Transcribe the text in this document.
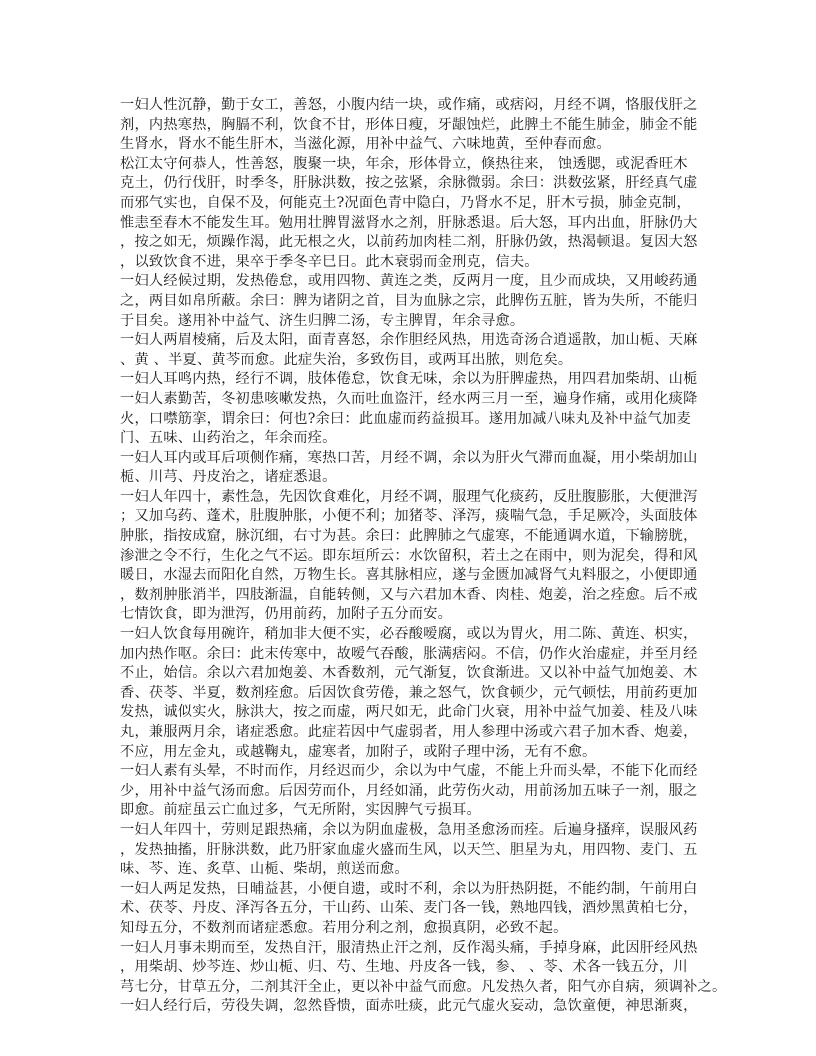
一妇人性沉静，勤于女工，善怒，小腹内结一块，或作痛，或痞闷，月经不调，恪服伐肝之
剂，内热寒热，胸膈不利，饮食不甘，形体日瘦，牙龈蚀烂，此脾土不能生肺金，肺金不能
生肾水，肾水不能生肝木，当滋化源，用补中益气、六味地黄，至仲春而愈。
松江太守何恭人，性善怒，腹聚一块，年余，形体骨立，倏热往来， 蚀透腮，或泥香旺木
克土，仍行伐肝，时季冬，肝脉洪数，按之弦紧，余脉微弱。余曰：洪数弦紧，肝经真气虚
而邪气实也，自保不及，何能克土?况面色青中隐白，乃肾水不足，肝木亏损，肺金克制，
惟恚至春木不能发生耳。勉用壮脾胃滋肾水之剂，肝脉悉退。后大怒，耳内出血，肝脉仍大
，按之如无，烦躁作渴，此无根之火，以前药加肉桂二剂，肝脉仍敛，热渴顿退。复因大怒
，以致饮食不进，果卒于季冬辛巳日。此木衰弱而金刑克，信夫。
一妇人经候过期，发热倦怠，或用四物、黄连之类，反两月一度，且少而成块，又用峻药通
之，两目如帛所蔽。余曰：脾为诸阴之首，目为血脉之宗，此脾伤五脏，皆为失所，不能归
于目矣。遂用补中益气、济生归脾二汤，专主脾胃，年余寻愈。
一妇人两眉棱痛，后及太阳，面青喜怒，余作胆经风热，用选奇汤合逍遥散，加山栀、天麻
、黄 、半夏、黄芩而愈。此症失治，多致伤目，或两耳出脓，则危矣。
一妇人耳鸣内热，经行不调，肢体倦怠，饮食无味，余以为肝脾虚热，用四君加柴胡、山栀
一妇人素勤苦，冬初患咳嗽发热，久而吐血盗汗，经水两三月一至，遍身作痛，或用化痰降
火，口噤筋挛，谓余曰：何也?余曰：此血虚而药益损耳。遂用加减八味丸及补中益气加麦
门、五味、山药治之，年余而痊。
一妇人耳内或耳后项侧作痛，寒热口苦，月经不调，余以为肝火气滞而血凝，用小柴胡加山
栀、川芎、丹皮治之，诸症悉退。
一妇人年四十，素性急，先因饮食难化，月经不调，服理气化痰药，反肚腹膨胀，大便泄泻
；又加乌药、蓬术，肚腹肿胀，小便不利；加猪苓、泽泻，痰喘气急，手足厥冷，头面肢体
肿胀，指按成窟，脉沉细，右寸为甚。余曰：此脾肺之气虚寒，不能通调水道，下输膀胱，
渗泄之令不行，生化之气不运。即东垣所云：水饮留积，若土之在雨中，则为泥矣，得和风
暖日，水湿去而阳化自然，万物生长。喜其脉相应，遂与金匮加减肾气丸料服之，小便即通
，数剂肿胀消半，四肢渐温，自能转侧，又与六君加木香、肉桂、炮姜，治之痊愈。后不戒
七情饮食，即为泄泻，仍用前药，加附子五分而安。
一妇人饮食每用碗许，稍加非大便不实，必吞酸嗳腐，或以为胃火，用二陈、黄连、枳实，
加内热作呕。余曰：此末传寒中，故嗳气吞酸，胀满痞闷。不信，仍作火治虚症，并至月经
不止，始信。余以六君加炮姜、木香数剂，元气渐复，饮食渐进。又以补中益气加炮姜、木
香、茯苓、半夏，数剂痊愈。后因饮食劳倦，兼之怒气，饮食顿少，元气顿怯，用前药更加
发热，诚似实火，脉洪大，按之而虚，两尺如无，此命门火衰，用补中益气加姜、桂及八味
丸，兼服两月余，诸症悉愈。此症若因中气虚弱者，用人参理中汤或六君子加木香、炮姜，
不应，用左金丸，或越鞠丸，虚寒者，加附子，或附子理中汤，无有不愈。
一妇人素有头晕，不时而作，月经迟而少，余以为中气虚，不能上升而头晕，不能下化而经
少，用补中益气汤而愈。后因劳而仆，月经如涌，此劳伤火动，用前汤加五味子一剂，服之
即愈。前症虽云亡血过多，气无所附，实因脾气亏损耳。
一妇人年四十，劳则足跟热痛，余以为阴血虚极，急用圣愈汤而痊。后遍身搔痒，误服风药
，发热抽搐，肝脉洪数，此乃肝家血虚火盛而生风，以天竺、胆星为丸，用四物、麦门、五
味、芩、连、炙草、山栀、柴胡，煎送而愈。
一妇人两足发热，日晡益甚，小便自遗，或时不利，余以为肝热阴挺，不能约制，午前用白
术、茯苓、丹皮、泽泻各五分，干山药、山茱、麦门各一钱，熟地四钱，酒炒黑黄柏七分，
知母五分，不数剂而诸症悉愈。若用分利之剂，愈损真阴，必致不起。
一妇人月事未期而至，发热自汗，服清热止汗之剂，反作渴头痛，手掉身麻，此因肝经风热
，用柴胡、炒芩连、炒山栀、归、芍、生地、丹皮各一钱，参、 、苓、术各一钱五分，川
芎七分，甘草五分，二剂其汗全止，更以补中益气而愈。凡发热久者，阳气亦自病，须调补之。
一妇人经行后，劳役失调，忽然昏愦，面赤吐痰，此元气虚火妄动，急饮童便，神思渐爽，
